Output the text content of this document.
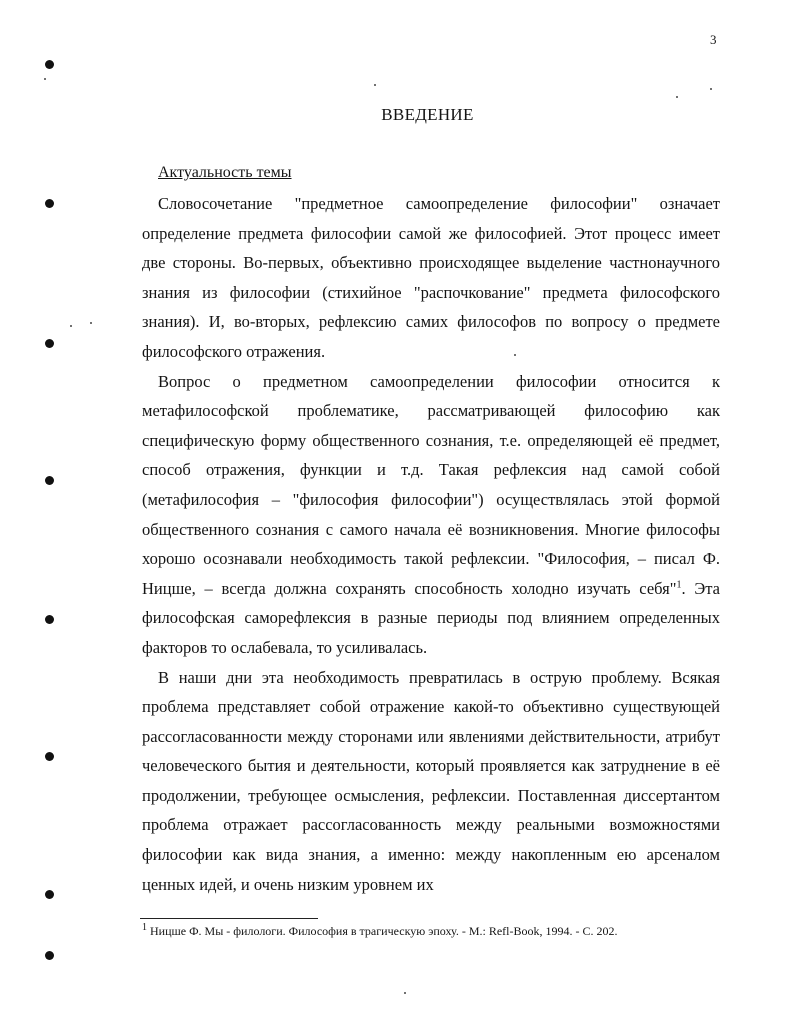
3
ВВЕДЕНИЕ
Актуальность темы

Словосочетание "предметное самоопределение философии" означает определение предмета философии самой же философией. Этот процесс имеет две стороны. Во-первых, объективно происходящее выделение частнонаучного знания из философии (стихийное "распочкование" предмета философского знания). И, во-вторых, рефлексию самих философов по вопросу о предмете философского отражения.

Вопрос о предметном самоопределении философии относится к метафилософской проблематике, рассматривающей философию как специфическую форму общественного сознания, т.е. определяющей её предмет, способ отражения, функции и т.д. Такая рефлексия над самой собой (метафилософия – "философия философии") осуществлялась этой формой общественного сознания с самого начала её возникновения. Многие философы хорошо осознавали необходимость такой рефлексии. "Философия, – писал Ф. Ницше, – всегда должна сохранять способность холодно изучать себя"$^1$. Эта философская саморефлексия в разные периоды под влиянием определенных факторов то ослабевала, то усиливалась.

В наши дни эта необходимость превратилась в острую проблему. Всякая проблема представляет собой отражение какой-то объективно существующей рассогласованности между сторонами или явлениями действительности, атрибут человеческого бытия и деятельности, который проявляется как затруднение в её продолжении, требующее осмысления, рефлексии. Поставленная диссертантом проблема отражает рассогласованность между реальными возможностями философии как вида знания, а именно: между накопленным ею арсеналом ценных идей, и очень низким уровнем их

$^1$ Ницше Ф. Мы - филологи. Философия в трагическую эпоху. - М.: Refl-Book, 1994. - С. 202.
